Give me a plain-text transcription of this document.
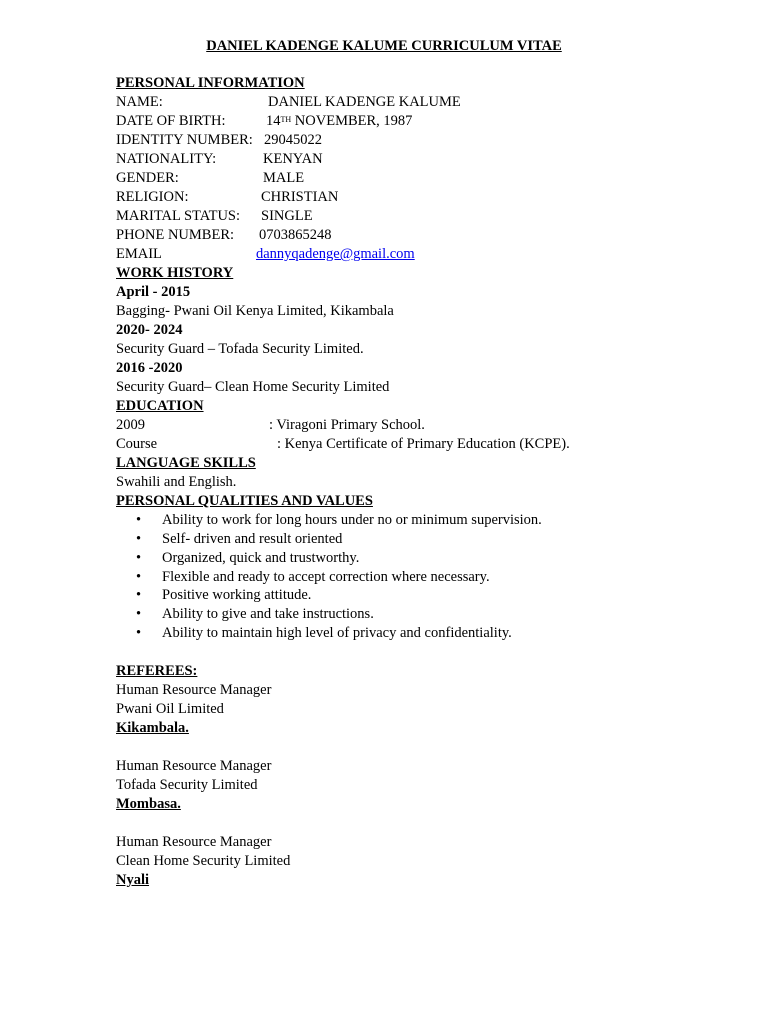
DANIEL KADENGE KALUME CURRICULUM VITAE
PERSONAL INFORMATION
NAME:	DANIEL KADENGE KALUME
DATE OF BIRTH:	14TH NOVEMBER, 1987
IDENTITY NUMBER: 29045022
NATIONALITY:	KENYAN
GENDER:	MALE
RELIGION:	CHRISTIAN
MARITAL STATUS: SINGLE
PHONE NUMBER: 0703865248
EMAIL	dannyqadenge@gmail.com
WORK HISTORY
April - 2015
Bagging- Pwani Oil Kenya Limited, Kikambala
2020- 2024
Security Guard – Tofada Security Limited.
2016 -2020
Security Guard– Clean Home Security Limited
EDUCATION
2009	: Viragoni Primary School.
Course	: Kenya Certificate of Primary Education (KCPE).
LANGUAGE SKILLS
Swahili and English.
PERSONAL QUALITIES AND VALUES
• Ability to work for long hours under no or minimum supervision.
• Self- driven and result oriented
• Organized, quick and trustworthy.
• Flexible and ready to accept correction where necessary.
• Positive working attitude.
• Ability to give and take instructions.
• Ability to maintain high level of privacy and confidentiality.
REFEREES:
Human Resource Manager
Pwani Oil Limited
Kikambala.
Human Resource Manager
Tofada Security Limited
Mombasa.
Human Resource Manager
Clean Home Security Limited
Nyali
